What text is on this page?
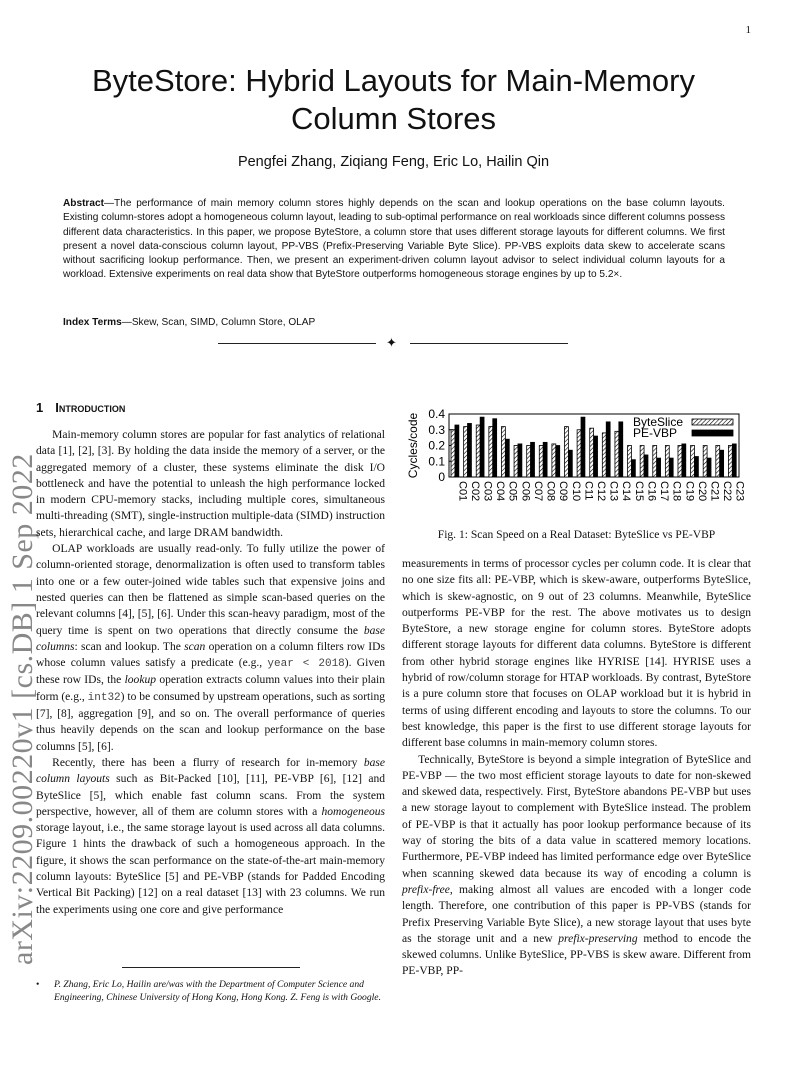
1
ByteStore: Hybrid Layouts for Main-Memory Column Stores
Pengfei Zhang, Ziqiang Feng, Eric Lo, Hailin Qin
Abstract—The performance of main memory column stores highly depends on the scan and lookup operations on the base column layouts. Existing column-stores adopt a homogeneous column layout, leading to sub-optimal performance on real workloads since different columns possess different data characteristics. In this paper, we propose ByteStore, a column store that uses different storage layouts for different columns. We first present a novel data-conscious column layout, PP-VBS (Prefix-Preserving Variable Byte Slice). PP-VBS exploits data skew to accelerate scans without sacrificing lookup performance. Then, we present an experiment-driven column layout advisor to select individual column layouts for a workload. Extensive experiments on real data show that ByteStore outperforms homogeneous storage engines by up to 5.2×.
Index Terms—Skew, Scan, SIMD, Column Store, OLAP
✦
arXiv:2209.00220v1 [cs.DB] 1 Sep 2022
1 Introduction

Main-memory column stores are popular for fast analytics of relational data [1], [2], [3]. By holding the data inside the memory of a server, or the aggregated memory of a cluster, these systems eliminate the disk I/O bottleneck and have the potential to unleash the high performance locked in modern CPU-memory stacks, including multiple cores, simultaneous multi-threading (SMT), single-instruction multiple-data (SIMD) instruction sets, hierarchical cache, and large DRAM bandwidth.

OLAP workloads are usually read-only. To fully utilize the power of column-oriented storage, denormalization is often used to transform tables into one or a few outer-joined wide tables such that expensive joins and nested queries can then be flattened as simple scan-based queries on the relevant columns [4], [5], [6]. Under this scan-heavy paradigm, most of the query time is spent on two operations that directly consume the base columns: scan and lookup. The scan operation on a column filters row IDs whose column values satisfy a predicate (e.g., year < 2018). Given these row IDs, the lookup operation extracts column values into their plain form (e.g., int32) to be consumed by upstream operations, such as sorting [7], [8], aggregation [9], and so on. The overall performance of queries thus heavily depends on the scan and lookup performance on the base columns [5], [6].

Recently, there has been a flurry of research for in-memory base column layouts such as Bit-Packed [10], [11], PE-VBP [6], [12] and ByteSlice [5], which enable fast column scans. From the system perspective, however, all of them are column stores with a homogeneous storage layout, i.e., the same storage layout is used across all data columns. Figure 1 hints the drawback of such a homogeneous approach. In the figure, it shows the scan performance on the state-of-the-art main-memory column layouts: ByteSlice [5] and PE-VBP (stands for Padded Encoding Vertical Bit Packing) [12] on a real dataset [13] with 23 columns. We run the experiments using one core and give performance

• P. Zhang, Eric Lo, Hailin are/was with the Department of Computer Science and Engineering, Chinese University of Hong Kong, Hong Kong. Z. Feng is with Google.
0
0.1
0.2
0.3
0.4
Cycles/code
C01 C02 C03 C04 C05 C06 C07 C08 C09 C10 C11 C12 C13 C14 C15 C16 C17 C18 C19 C20 C21 C22 C23
ByteSlice
PE-VBP
Fig. 1: Scan Speed on a Real Dataset: ByteSlice vs PE-VBP

measurements in terms of processor cycles per column code. It is clear that no one size fits all: PE-VBP, which is skew-aware, outperforms ByteSlice, which is skew-agnostic, on 9 out of 23 columns. Meanwhile, ByteSlice outperforms PE-VBP for the rest. The above motivates us to design ByteStore, a new storage engine for column stores. ByteStore adopts different storage layouts for different data columns. ByteStore is different from other hybrid storage engines like HYRISE [14]. HYRISE uses a hybrid of row/column storage for HTAP workloads. By contrast, ByteStore is a pure column store that focuses on OLAP workload but it is hybrid in terms of using different encoding and layouts to store the columns. To our best knowledge, this paper is the first to use different storage layouts for different base columns in main-memory column stores.

Technically, ByteStore is beyond a simple integration of ByteSlice and PE-VBP — the two most efficient storage layouts to date for non-skewed and skewed data, respectively. First, ByteStore abandons PE-VBP but uses a new storage layout to complement with ByteSlice instead. The problem of PE-VBP is that it actually has poor lookup performance because of its way of storing the bits of a data value in scattered memory locations. Furthermore, PE-VBP indeed has limited performance edge over ByteSlice when scanning skewed data because its way of encoding a column is prefix-free, making almost all values are encoded with a longer code length. Therefore, one contribution of this paper is PP-VBS (stands for Prefix Preserving Variable Byte Slice), a new storage layout that uses byte as the storage unit and a new prefix-preserving method to encode the skewed columns. Unlike ByteSlice, PP-VBS is skew aware. Different from PE-VBP, PP-
